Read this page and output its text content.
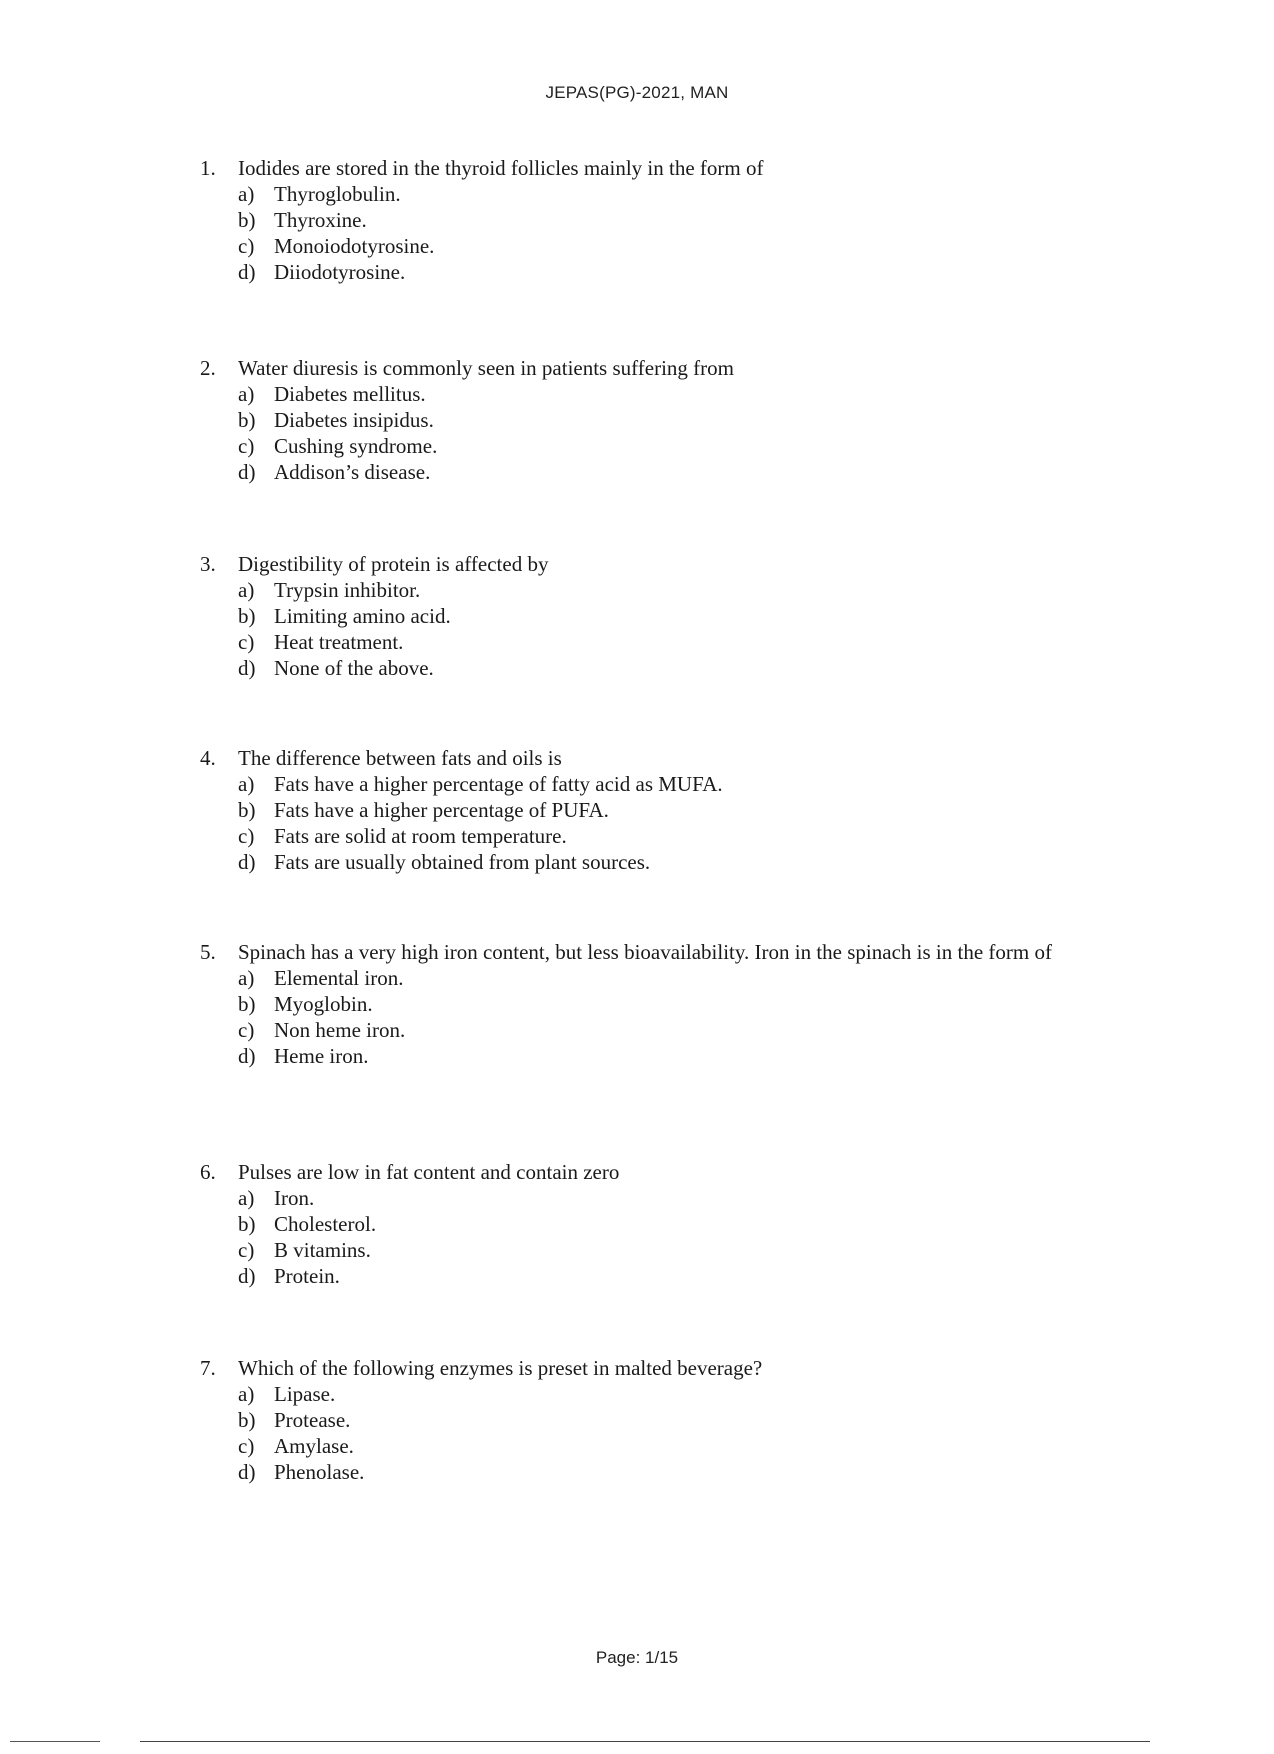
JEPAS(PG)-2021, MAN
1.	Iodides are stored in the thyroid follicles mainly in the form of
a) Thyroglobulin.
b) Thyroxine.
c) Monoiodotyrosine.
d) Diiodotyrosine.
2.	Water diuresis is commonly seen in patients suffering from
a) Diabetes mellitus.
b) Diabetes insipidus.
c) Cushing syndrome.
d) Addison’s disease.
3.	Digestibility of protein is affected by
a) Trypsin inhibitor.
b) Limiting amino acid.
c) Heat treatment.
d) None of the above.
4.	The difference between fats and oils is
a) Fats have a higher percentage of fatty acid as MUFA.
b) Fats have a higher percentage of PUFA.
c) Fats are solid at room temperature.
d) Fats are usually obtained from plant sources.
5.	Spinach has a very high iron content, but less bioavailability. Iron in the spinach is in the form of
a) Elemental iron.
b) Myoglobin.
c) Non heme iron.
d) Heme iron.
6.	Pulses are low in fat content and contain zero
a) Iron.
b) Cholesterol.
c) B vitamins.
d) Protein.
7.	Which of the following enzymes is preset in malted beverage?
a) Lipase.
b) Protease.
c) Amylase.
d) Phenolase.
Page: 1/15
